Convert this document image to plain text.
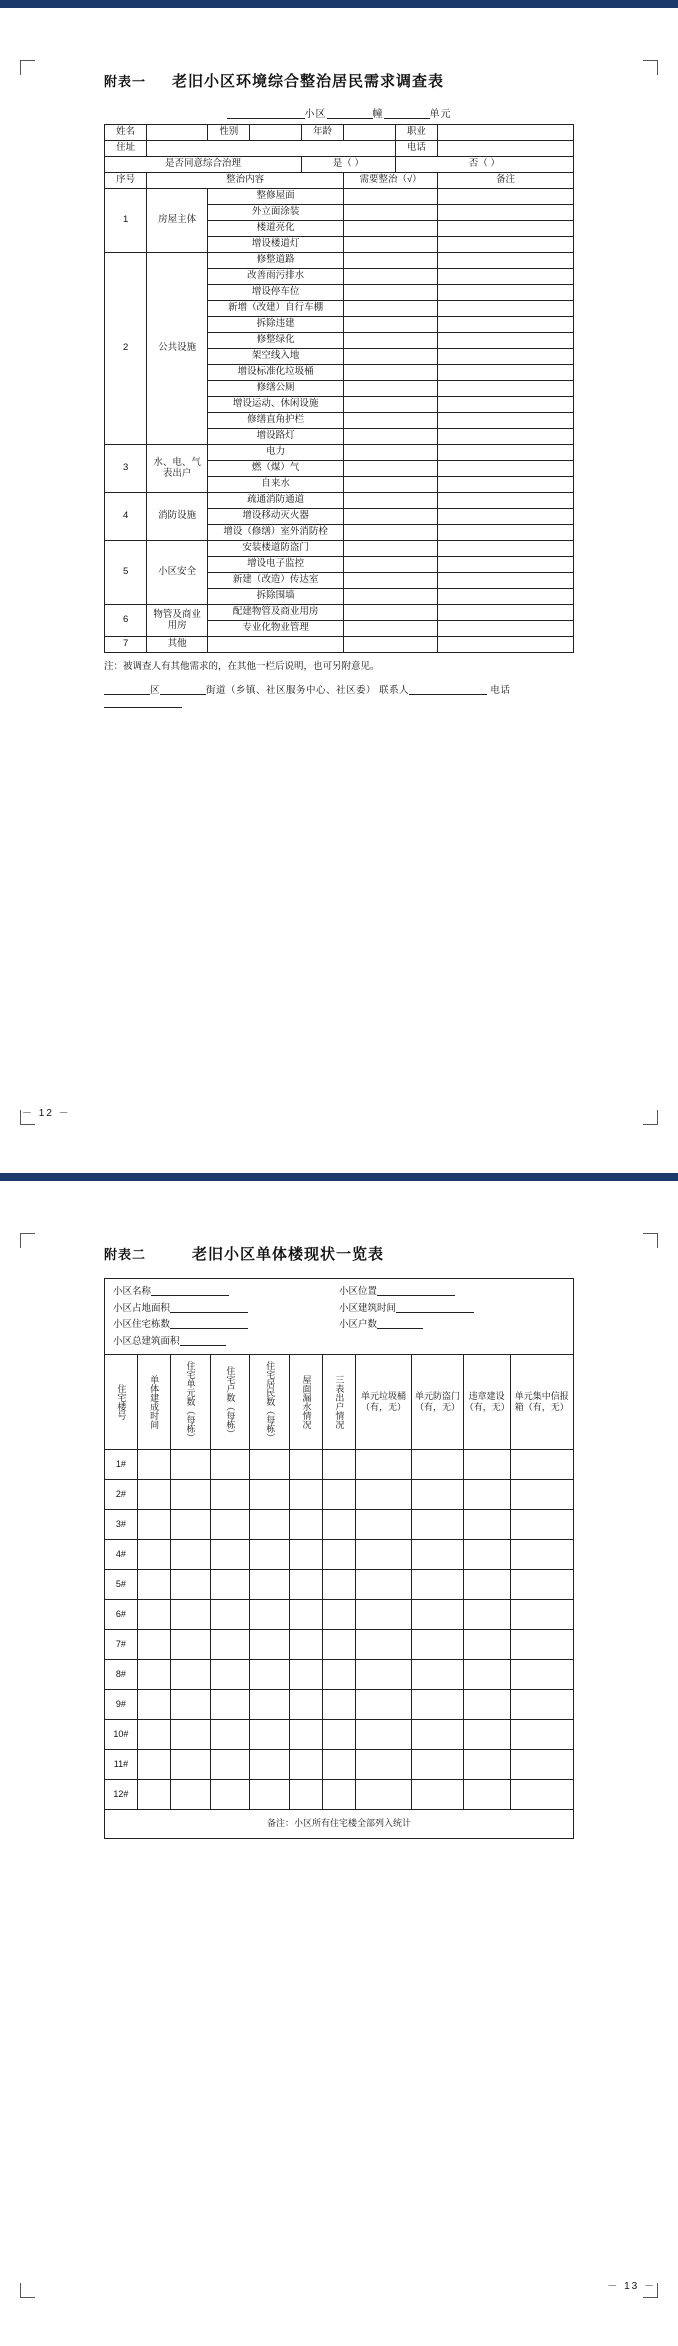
附表一 老旧小区环境综合整治居民需求调查表
小区	幢	单元
姓名		性别		年龄		职业	
住址						电话	
是否同意综合治理				是（ ）		否（ ）	
序号	整治内容				需要整治（√）		备注
1	房屋主体	整修屋面					
		外立面涂装					
		楼道亮化					
		增设楼道灯					
2	公共设施	修整道路					
		改善雨污排水					
		增设停车位					
		新增（改建）自行车棚					
		拆除违建					
		修整绿化					
		架空线入地					
		增设标准化垃圾桶					
		修缮公厕					
		增设运动、休闲设施					
		修缮直角护栏					
		增设路灯					
3	水、电、气表出户	电力					
		燃（煤）气					
		自来水					
4	消防设施	疏通消防通道					
		增设移动灭火器					
		增设（修缮）室外消防栓					
5	小区安全	安装楼道防盗门					
		增设电子监控					
		新建（改造）传达室					
		拆除围墙					
6	物管及商业用房	配建物管及商业用房					
		专业化物业管理					
7	其他						
注：被调查人有其他需求的，在其他一栏后说明，也可另附意见。
区	街道（乡镇、社区服务中心、社区委） 联系人	电话
－ 12 －
附表二	老旧小区单体楼现状一览表
小区名称	小区位置
小区占地面积	小区建筑时间
小区住宅栋数	小区户数
小区总建筑面积

住宅楼号	单体建成时间	住宅单元数（每栋）	住宅户数（每栋）	住宅居民数（每栋）	屋面漏水情况	三表出户情况	单元垃圾桶（有，无）	单元防盗门（有，无）	违章建设（有，无）	单元集中信报箱（有，无）
1#										
2#										
3#										
4#										
5#										
6#										
7#										
8#										
9#										
10#										
11#										
12#										
备注：小区所有住宅楼全部列入统计										
－ 13 －
